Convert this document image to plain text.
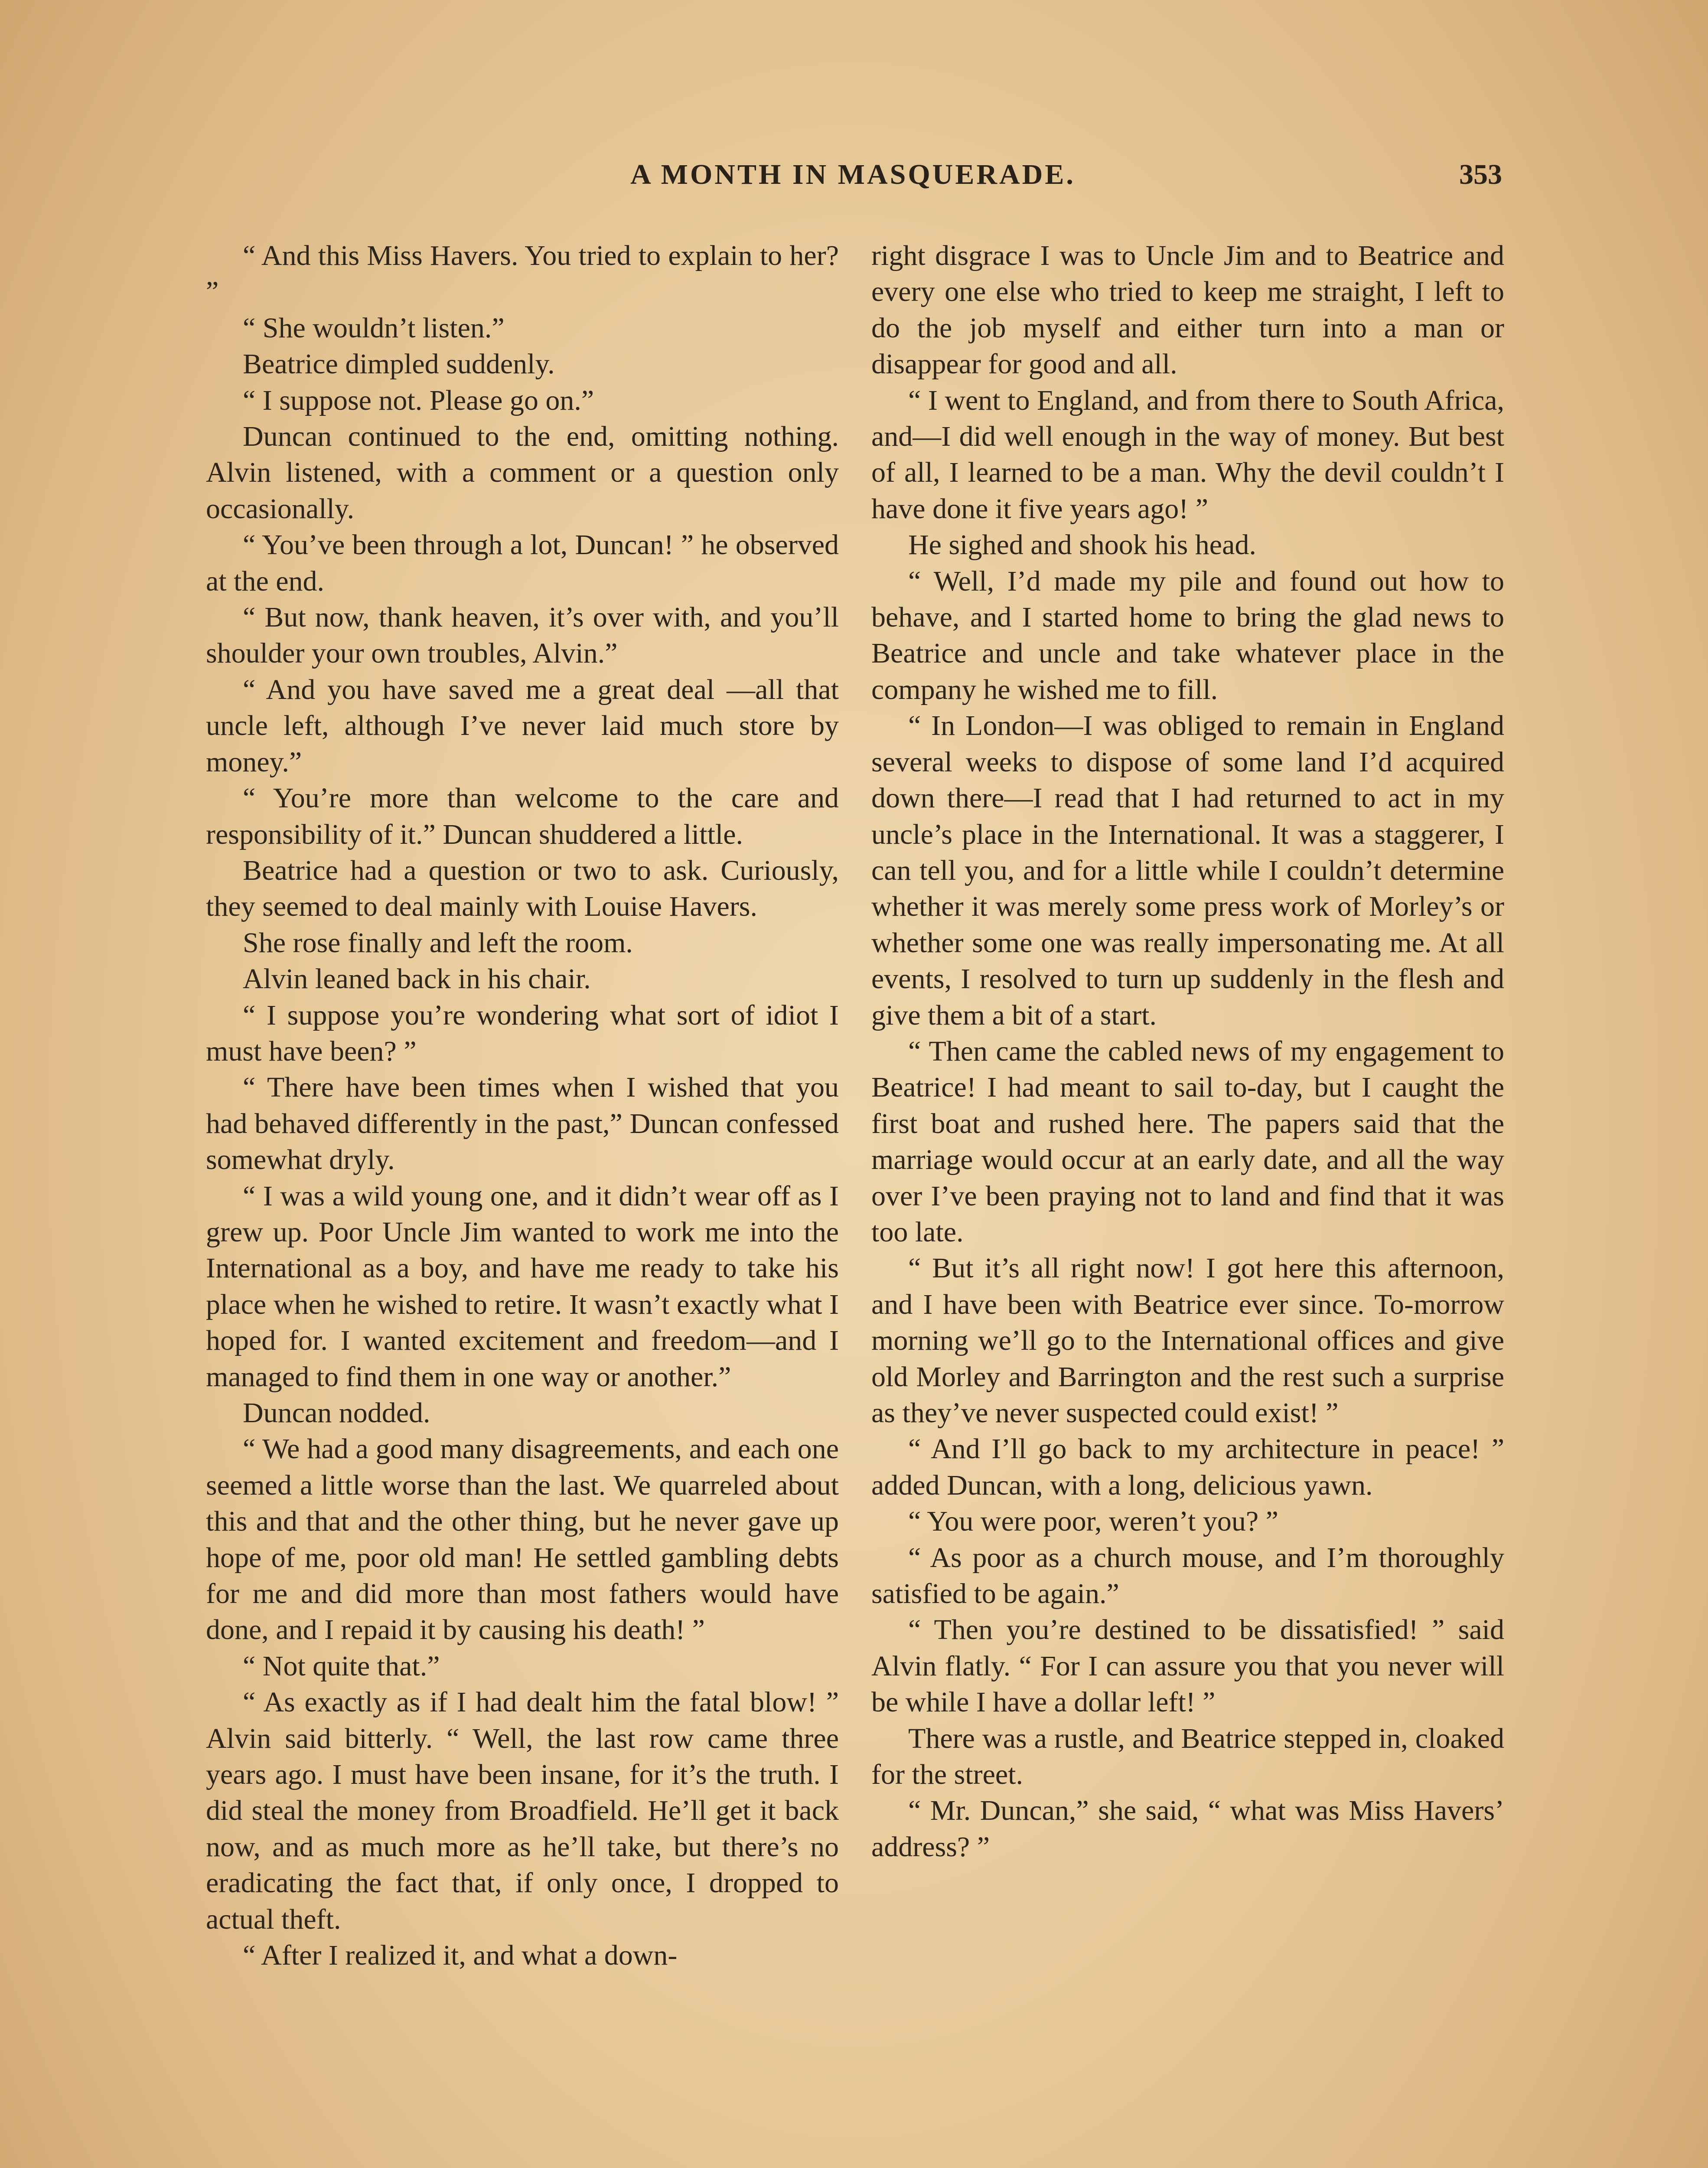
A MONTH IN MASQUERADE.	353

“ And this Miss Havers. You tried to explain to her? ”

“ She wouldn’t listen.”

Beatrice dimpled suddenly.

“ I suppose not. Please go on.”

Duncan continued to the end, omitting nothing. Alvin listened, with a comment or a question only occasionally.

“ You’ve been through a lot, Duncan! ” he observed at the end.

“ But now, thank heaven, it’s over with, and you’ll shoulder your own troubles, Alvin.”

“ And you have saved me a great deal —all that uncle left, although I’ve never laid much store by money.”

“ You’re more than welcome to the care and responsibility of it.” Duncan shuddered a little.

Beatrice had a question or two to ask. Curiously, they seemed to deal mainly with Louise Havers.

She rose finally and left the room.

Alvin leaned back in his chair.

“ I suppose you’re wondering what sort of idiot I must have been? ”

“ There have been times when I wished that you had behaved differently in the past,” Duncan confessed somewhat dryly.

“ I was a wild young one, and it didn’t wear off as I grew up. Poor Uncle Jim wanted to work me into the International as a boy, and have me ready to take his place when he wished to retire. It wasn’t exactly what I hoped for. I wanted excitement and freedom—and I managed to find them in one way or another.”

Duncan nodded.

“ We had a good many disagreements, and each one seemed a little worse than the last. We quarreled about this and that and the other thing, but he never gave up hope of me, poor old man! He settled gambling debts for me and did more than most fathers would have done, and I repaid it by causing his death! ”

“ Not quite that.”

“ As exactly as if I had dealt him the fatal blow! ” Alvin said bitterly. “ Well, the last row came three years ago. I must have been insane, for it’s the truth. I did steal the money from Broadfield. He’ll get it back now, and as much more as he’ll take, but there’s no eradicating the fact that, if only once, I dropped to actual theft.

“ After I realized it, and what a down-

right disgrace I was to Uncle Jim and to Beatrice and every one else who tried to keep me straight, I left to do the job myself and either turn into a man or disappear for good and all.

“ I went to England, and from there to South Africa, and—I did well enough in the way of money. But best of all, I learned to be a man. Why the devil couldn’t I have done it five years ago! ”

He sighed and shook his head.

“ Well, I’d made my pile and found out how to behave, and I started home to bring the glad news to Beatrice and uncle and take whatever place in the company he wished me to fill.

“ In London—I was obliged to remain in England several weeks to dispose of some land I’d acquired down there—I read that I had returned to act in my uncle’s place in the International. It was a staggerer, I can tell you, and for a little while I couldn’t determine whether it was merely some press work of Morley’s or whether some one was really impersonating me. At all events, I resolved to turn up suddenly in the flesh and give them a bit of a start.

“ Then came the cabled news of my engagement to Beatrice! I had meant to sail to-day, but I caught the first boat and rushed here. The papers said that the marriage would occur at an early date, and all the way over I’ve been praying not to land and find that it was too late.

“ But it’s all right now! I got here this afternoon, and I have been with Beatrice ever since. To-morrow morning we’ll go to the International offices and give old Morley and Barrington and the rest such a surprise as they’ve never suspected could exist! ”

“ And I’ll go back to my architecture in peace! ” added Duncan, with a long, delicious yawn.

“ You were poor, weren’t you? ”

“ As poor as a church mouse, and I’m thoroughly satisfied to be again.”

“ Then you’re destined to be dissatisfied! ” said Alvin flatly. “ For I can assure you that you never will be while I have a dollar left! ”

There was a rustle, and Beatrice stepped in, cloaked for the street.

“ Mr. Duncan,” she said, “ what was Miss Havers’ address? ”
